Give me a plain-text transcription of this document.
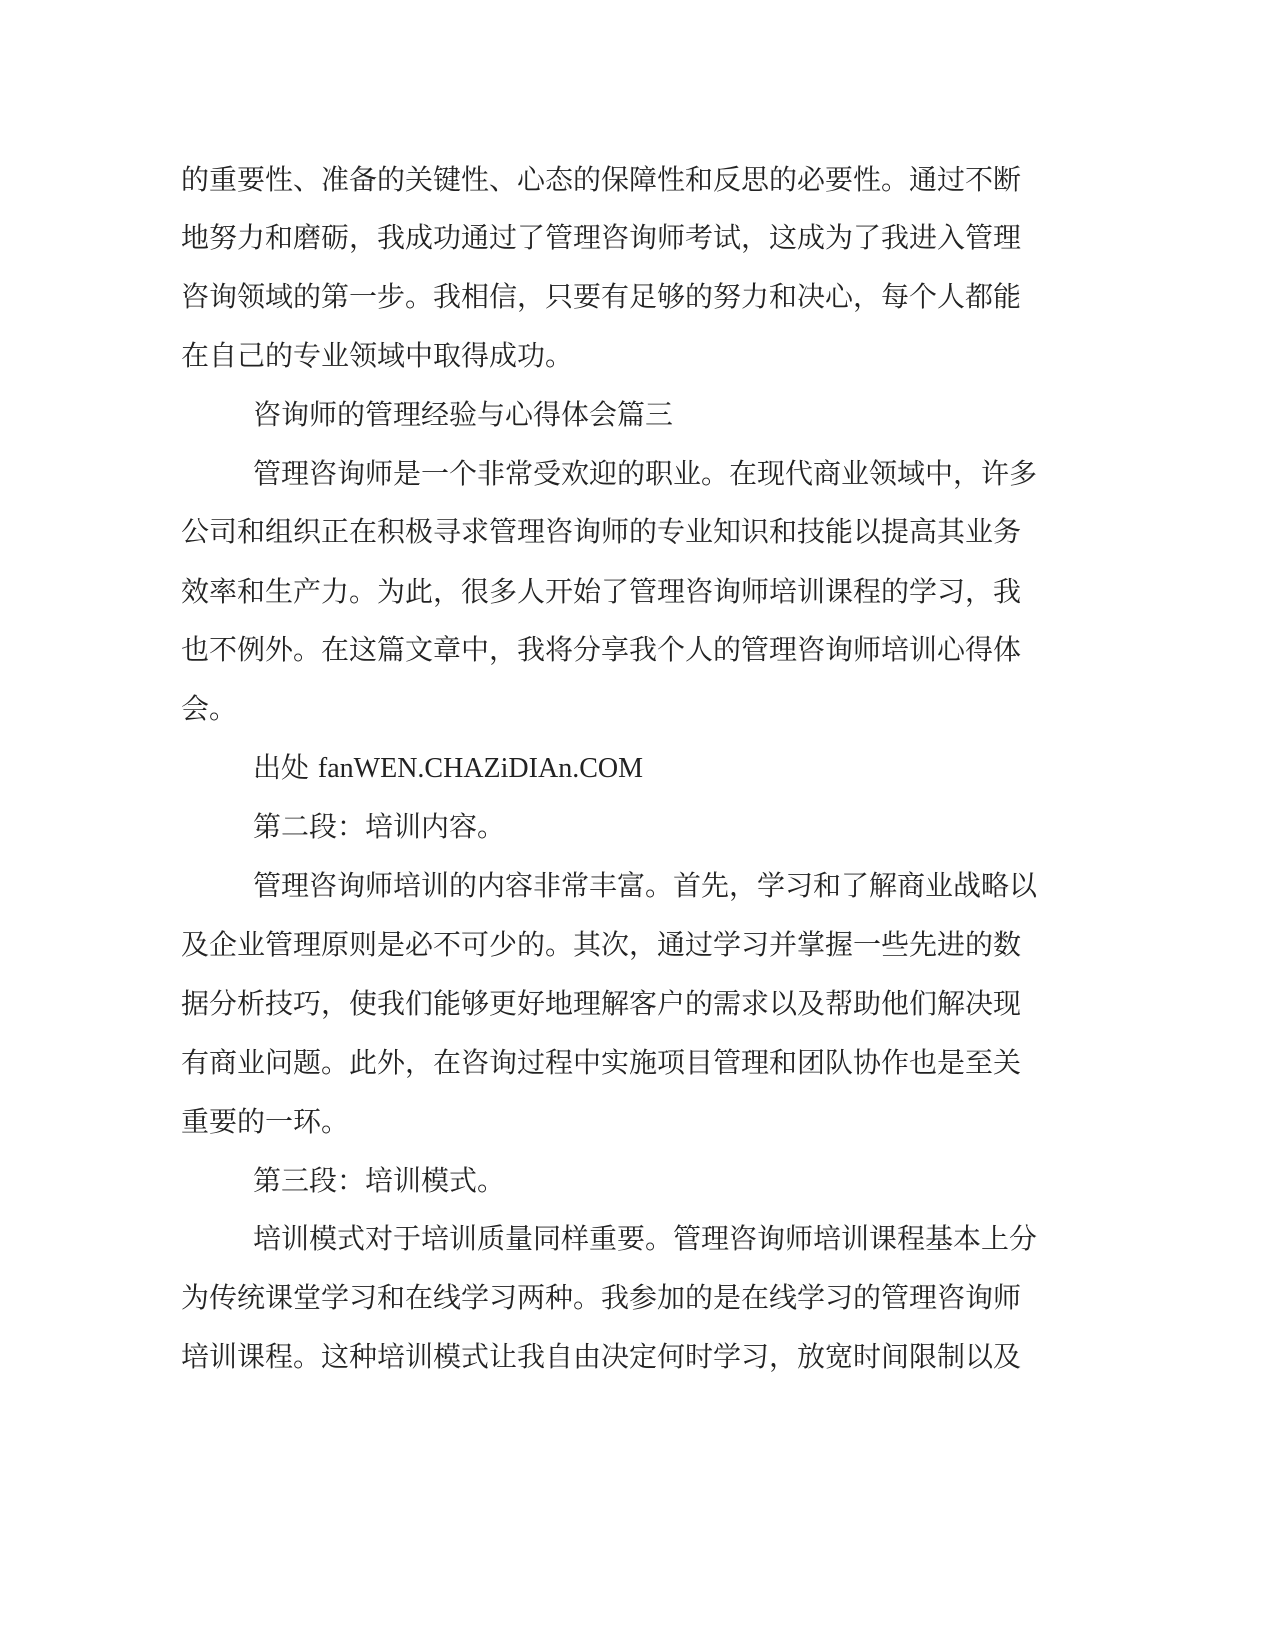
的重要性、准备的关键性、心态的保障性和反思的必要性。通过不断
地努力和磨砺，我成功通过了管理咨询师考试，这成为了我进入管理
咨询领域的第一步。我相信，只要有足够的努力和决心，每个人都能
在自己的专业领域中取得成功。
咨询师的管理经验与心得体会篇三
管理咨询师是一个非常受欢迎的职业。在现代商业领域中，许多
公司和组织正在积极寻求管理咨询师的专业知识和技能以提高其业务
效率和生产力。为此，很多人开始了管理咨询师培训课程的学习，我
也不例外。在这篇文章中，我将分享我个人的管理咨询师培训心得体
会。
出处 fanWEN.CHAZiDIAn.COM
第二段：培训内容。
管理咨询师培训的内容非常丰富。首先，学习和了解商业战略以
及企业管理原则是必不可少的。其次，通过学习并掌握一些先进的数
据分析技巧，使我们能够更好地理解客户的需求以及帮助他们解决现
有商业问题。此外，在咨询过程中实施项目管理和团队协作也是至关
重要的一环。
第三段：培训模式。
培训模式对于培训质量同样重要。管理咨询师培训课程基本上分
为传统课堂学习和在线学习两种。我参加的是在线学习的管理咨询师
培训课程。这种培训模式让我自由决定何时学习，放宽时间限制以及
